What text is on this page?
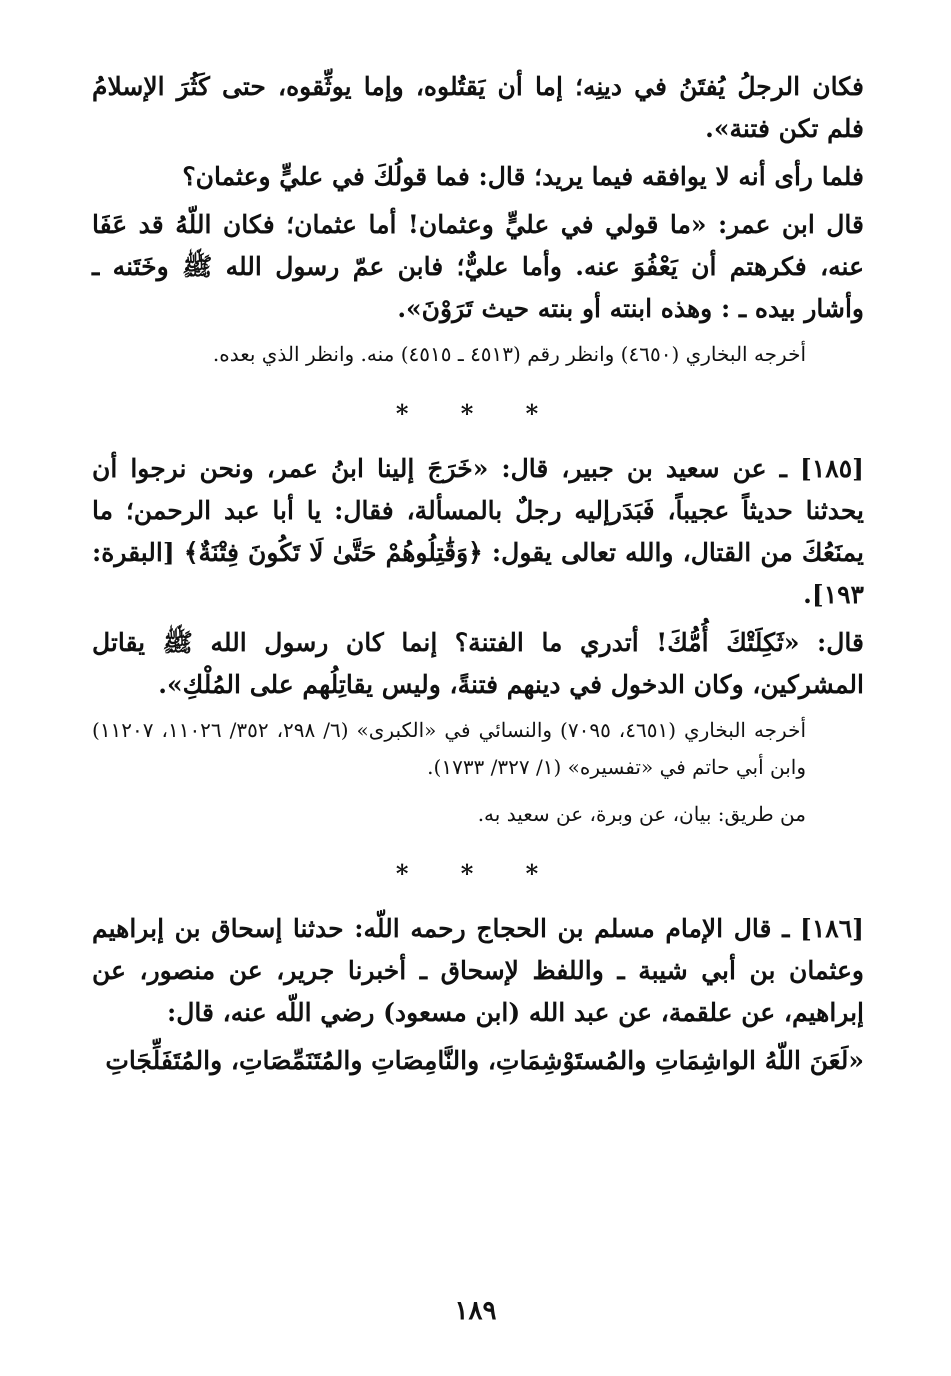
فكان الرجلُ يُفتَنُ في دينِه؛ إما أن يَقتُلوه، وإما يوثِّقوه، حتى كَثُرَ الإسلامُ فلم تكن فتنة».

فلما رأى أنه لا يوافقه فيما يريد؛ قال: فما قولُكَ في عليٍّ وعثمان؟

قال ابن عمر: «ما قولي في عليٍّ وعثمان! أما عثمان؛ فكان اللّهُ قد عَفَا عنه، فكرهتم أن يَعْفُوَ عنه. وأما عليٌّ؛ فابن عمّ رسول الله ﷺ وخَتَنه ـ وأشار بيده ـ : وهذه ابنته أو بنته حيث تَرَوْنَ».

أخرجه البخاري (٤٦٥٠) وانظر رقم (٤٥١٣ ـ ٤٥١٥) منه. وانظر الذي بعده.

* * *

[١٨٥] ـ عن سعيد بن جبير، قال: «خَرَجَ إلينا ابنُ عمر، ونحن نرجوا أن يحدثنا حديثاً عجيباً، فَبَدَرإليه رجلٌ بالمسألة، فقال: يا أبا عبد الرحمن؛ ما يمنَعُكَ من القتال، والله تعالى يقول: ﴿وَقَٰتِلُوهُمْ حَتَّىٰ لَا تَكُونَ فِتْنَةٌ﴾ [البقرة: ١٩٣].

قال: «ثَكِلَتْكَ أُمُّكَ! أتدري ما الفتنة؟ إنما كان رسول الله ﷺ يقاتل المشركين، وكان الدخول في دينهم فتنةً، وليس يقاتِلُهم على المُلْكِ».

أخرجه البخاري (٤٦٥١، ٧٠٩٥) والنسائي في «الكبرى» (٦/ ٢٩٨، ٣٥٢/ ١١٠٢٦، ١١٢٠٧) وابن أبي حاتم في «تفسيره» (١/ ٣٢٧/ ١٧٣٣).

من طريق: بيان، عن وبرة، عن سعيد به.

* * *

[١٨٦] ـ قال الإمام مسلم بن الحجاج رحمه اللّه: حدثنا إسحاق بن إبراهيم وعثمان بن أبي شيبة ـ واللفظ لإسحاق ـ أخبرنا جرير، عن منصور، عن إبراهيم، عن علقمة، عن عبد الله (ابن مسعود) رضي اللّه عنه، قال:

«لَعَنَ اللّهُ الواشِمَاتِ والمُستَوْشِمَاتِ، والنَّامِصَاتِ والمُتَنَمِّصَاتِ، والمُتَفَلِّجَاتِ

١٨٩
